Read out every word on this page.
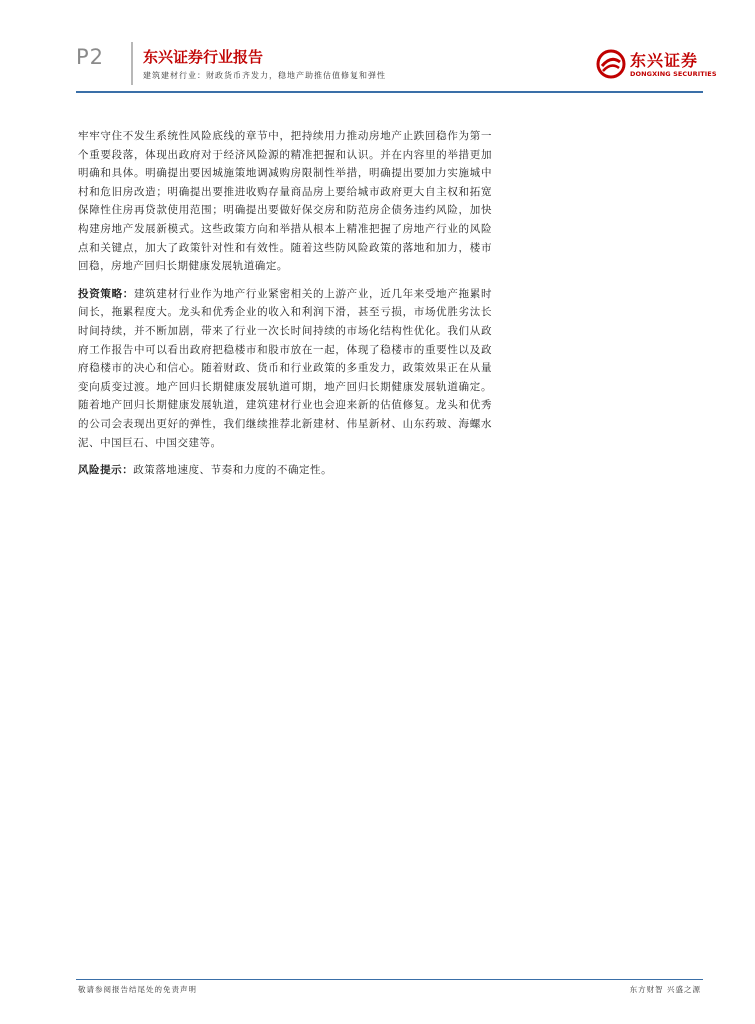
P2	东兴证券行业报告
建筑建材行业：财政货币齐发力，稳地产助推估值修复和弹性
东兴证券
DONGXING SECURITIES

牢牢守住不发生系统性风险底线的章节中，把持续用力推动房地产止跌回稳作为第一个重要段落，体现出政府对于经济风险源的精准把握和认识。并在内容里的举措更加明确和具体。明确提出要因城施策地调减购房限制性举措，明确提出要加力实施城中村和危旧房改造；明确提出要推进收购存量商品房上要给城市政府更大自主权和拓宽保障性住房再贷款使用范围；明确提出要做好保交房和防范房企债务违约风险，加快构建房地产发展新模式。这些政策方向和举措从根本上精准把握了房地产行业的风险点和关键点，加大了政策针对性和有效性。随着这些防风险政策的落地和加力，楼市回稳，房地产回归长期健康发展轨道确定。

投资策略：建筑建材行业作为地产行业紧密相关的上游产业，近几年来受地产拖累时间长，拖累程度大。龙头和优秀企业的收入和利润下滑，甚至亏损，市场优胜劣汰长时间持续，并不断加剧，带来了行业一次长时间持续的市场化结构性优化。我们从政府工作报告中可以看出政府把稳楼市和股市放在一起，体现了稳楼市的重要性以及政府稳楼市的决心和信心。随着财政、货币和行业政策的多重发力，政策效果正在从量变向质变过渡。地产回归长期健康发展轨道可期，地产回归长期健康发展轨道确定。随着地产回归长期健康发展轨道，建筑建材行业也会迎来新的估值修复。龙头和优秀的公司会表现出更好的弹性，我们继续推荐北新建材、伟星新材、山东药玻、海螺水泥、中国巨石、中国交建等。

风险提示：政策落地速度、节奏和力度的不确定性。

敬请参阅报告结尾处的免责声明	东方财智 兴盛之源
